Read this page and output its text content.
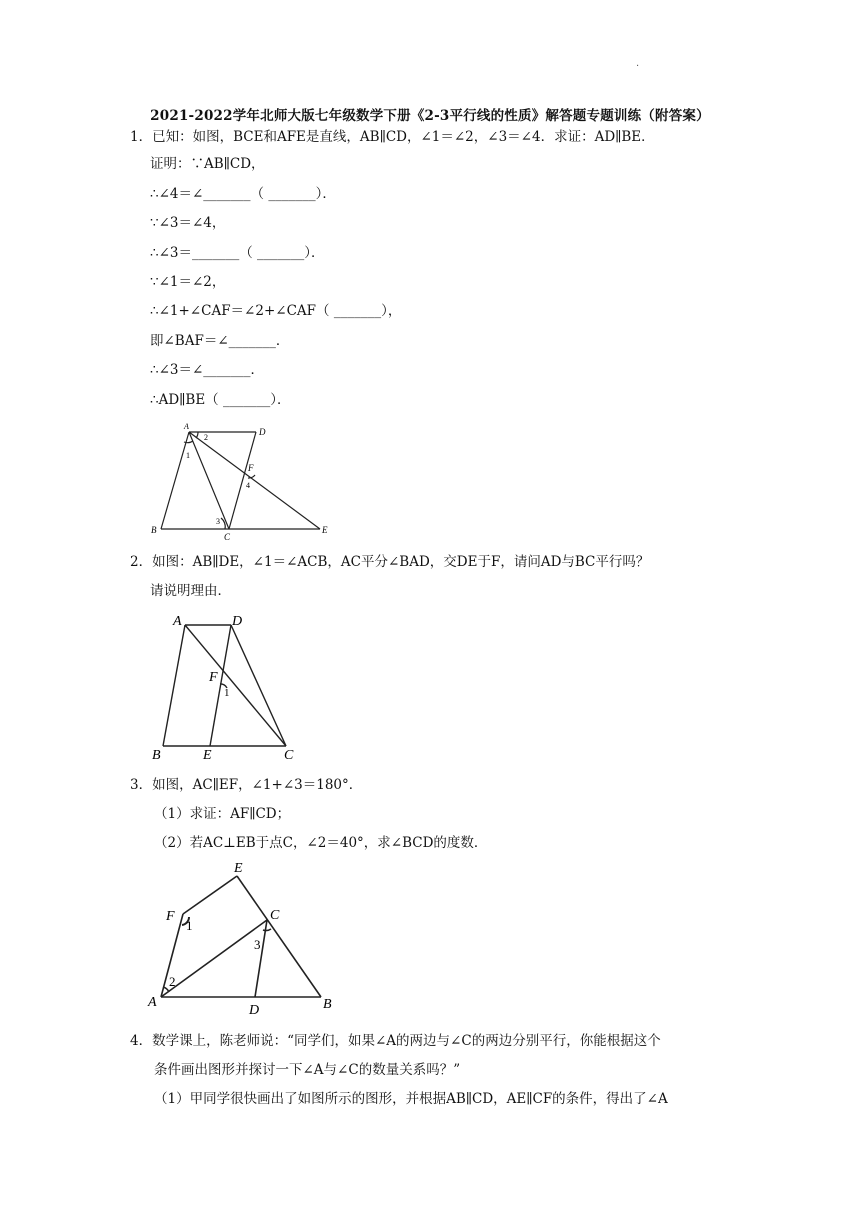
.
2021-2022学年北师大版七年级数学下册《2-3平行线的性质》解答题专题训练（附答案）
1．已知：如图，BCE和AFE是直线，AB∥CD，∠1＝∠2，∠3＝∠4．求证：AD∥BE．
证明：∵AB∥CD，
∴∠4＝∠_______（ _______）．
∵∠3＝∠4，
∴∠3＝_______（ _______）．
∵∠1＝∠2，
∴∠1+∠CAF＝∠2+∠CAF（ _______），
即∠BAF＝∠_______．
∴∠3＝∠_______．
∴AD∥BE（ _______）．
A
D
B
C
E
F
1
2
3
4
2．如图：AB∥DE，∠1＝∠ACB，AC平分∠BAD，交DE于F，请问AD与BC平行吗？
请说明理由．
A	D
F
1
B	E	C
3．如图，AC∥EF，∠1+∠3＝180°．
（1）求证：AF∥CD；
（2）若AC⊥EB于点C，∠2＝40°，求∠BCD的度数．
E
F
1
C
3
2
A
D	B
4．数学课上，陈老师说：“同学们，如果∠A的两边与∠C的两边分别平行，你能根据这个
条件画出图形并探讨一下∠A与∠C的数量关系吗？”
（1）甲同学很快画出了如图所示的图形，并根据AB∥CD，AE∥CF的条件，得出了∠A
